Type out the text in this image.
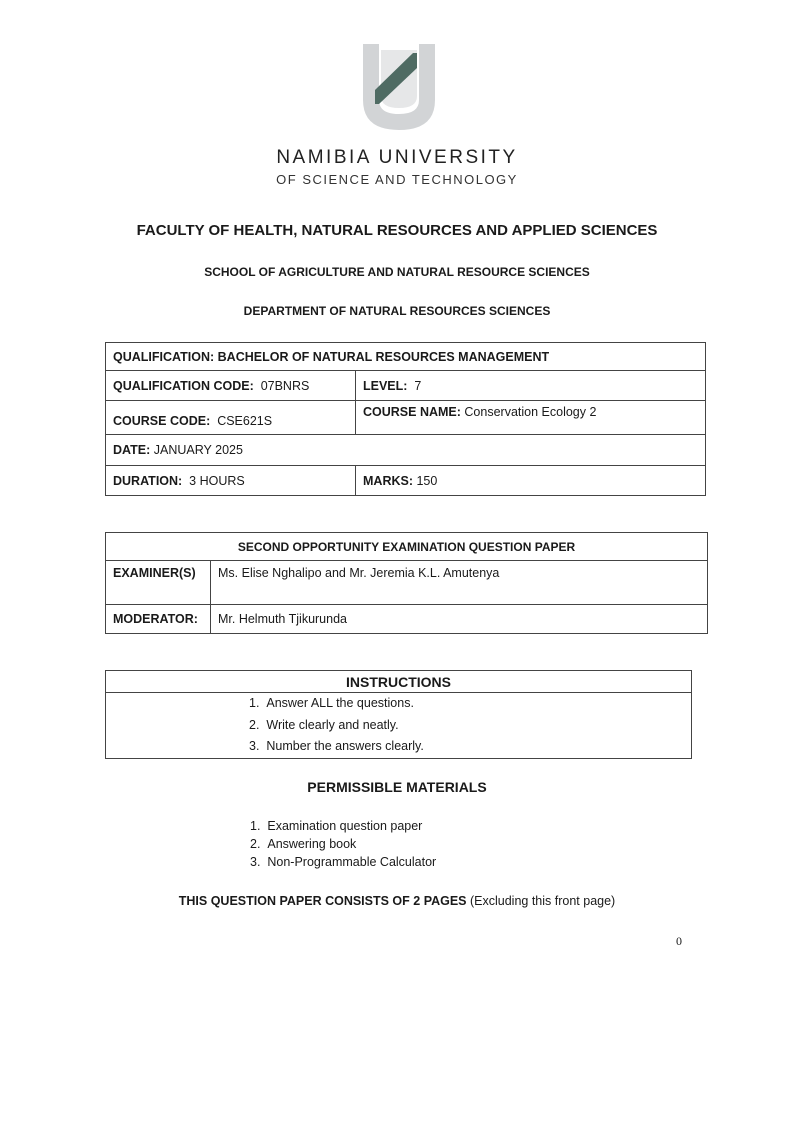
NAMIBIA UNIVERSITY
OF SCIENCE AND TECHNOLOGY
FACULTY OF HEALTH, NATURAL RESOURCES AND APPLIED SCIENCES
SCHOOL OF AGRICULTURE AND NATURAL RESOURCE SCIENCES
DEPARTMENT OF NATURAL RESOURCES SCIENCES
QUALIFICATION: BACHELOR OF NATURAL RESOURCES MANAGEMENT	
QUALIFICATION CODE: 07BNRS	LEVEL: 7
COURSE CODE: CSE621S	COURSE NAME: Conservation Ecology 2
DATE: JANUARY 2025	
DURATION: 3 HOURS	MARKS: 150
SECOND OPPORTUNITY EXAMINATION QUESTION PAPER	
EXAMINER(S)	Ms. Elise Nghalipo and Mr. Jeremia K.L. Amutenya
MODERATOR:	Mr. Helmuth Tjikurunda
INSTRUCTIONS

1.  Answer ALL the questions.
2.  Write clearly and neatly.
3.  Number the answers clearly.
PERMISSIBLE MATERIALS
1.  Examination question paper
2.  Answering book
3.  Non-Programmable Calculator
THIS QUESTION PAPER CONSISTS OF 2 PAGES (Excluding this front page)
0
